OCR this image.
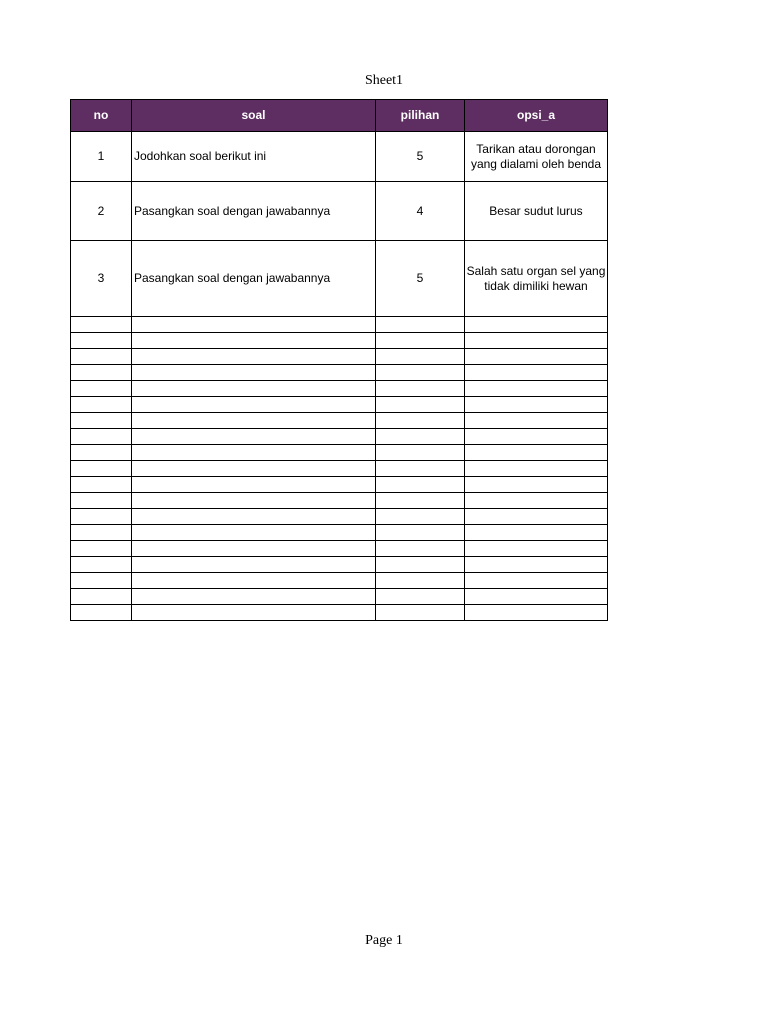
Sheet1
no	soal	pilihan	opsi_a
1	Jodohkan soal berikut ini	5	Tarikan atau dorongan yang dialami oleh benda
2	Pasangkan soal dengan jawabannya	4	Besar sudut lurus
3	Pasangkan soal dengan jawabannya	5	Salah satu organ sel yang tidak dimiliki hewan

Page 1
